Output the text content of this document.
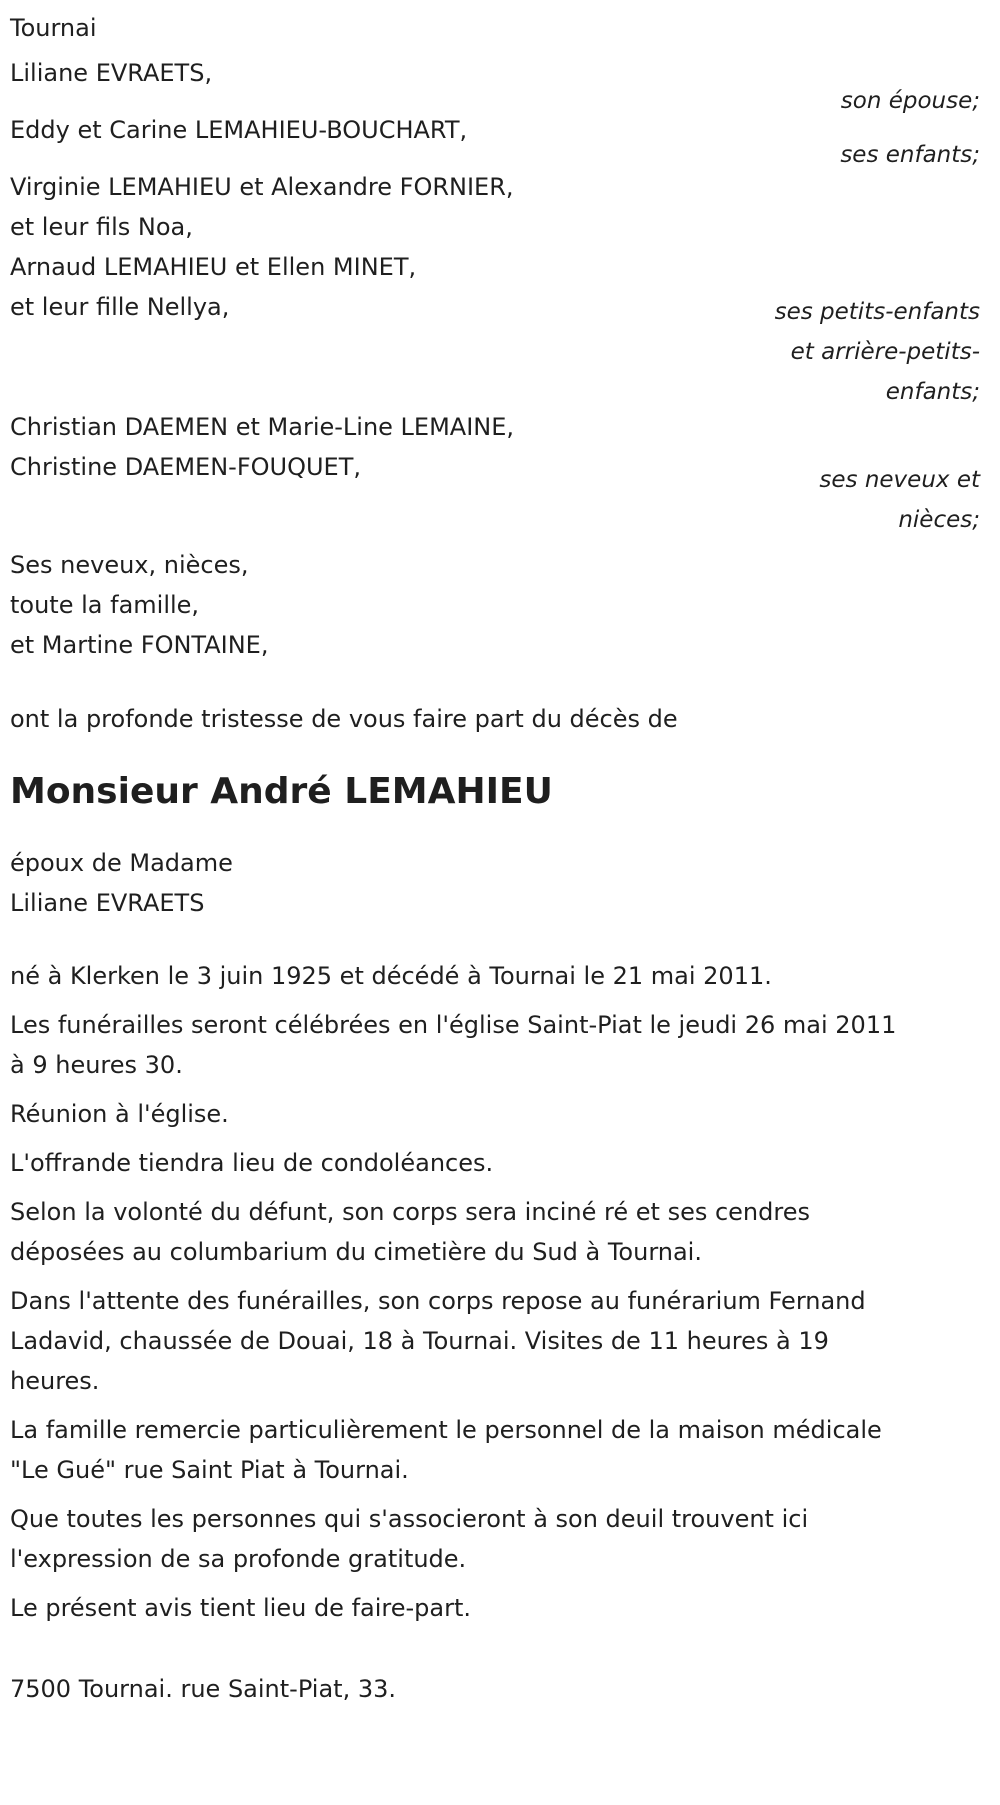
Tournai
Liliane EVRAETS,
son épouse;
Eddy et Carine LEMAHIEU-BOUCHART,
ses enfants;
Virginie LEMAHIEU et Alexandre FORNIER,
et leur fils Noa,
Arnaud LEMAHIEU et Ellen MINET,
et leur fille Nellya,	ses petits-enfants
et arrière-petits-
enfants;
Christian DAEMEN et Marie-Line LEMAINE,
Christine DAEMEN-FOUQUET,	ses neveux et
nièces;
Ses neveux, nièces,
toute la famille,
et Martine FONTAINE,
ont la profonde tristesse de vous faire part du décès de
Monsieur André LEMAHIEU
époux de Madame
Liliane EVRAETS
né à Klerken le 3 juin 1925 et décédé à Tournai le 21 mai 2011.
Les funérailles seront célébrées en l'église Saint-Piat le jeudi 26 mai 2011
à 9 heures 30.
Réunion à l'église.
L'offrande tiendra lieu de condoléances.
Selon la volonté du défunt, son corps sera inciné ré et ses cendres
déposées au columbarium du cimetière du Sud à Tournai.
Dans l'attente des funérailles, son corps repose au funérarium Fernand
Ladavid, chaussée de Douai, 18 à Tournai. Visites de 11 heures à 19
heures.
La famille remercie particulièrement le personnel de la maison médicale
"Le Gué" rue Saint Piat à Tournai.
Que toutes les personnes qui s'associeront à son deuil trouvent ici
l'expression de sa profonde gratitude.
Le présent avis tient lieu de faire-part.
7500 Tournai. rue Saint-Piat, 33.
